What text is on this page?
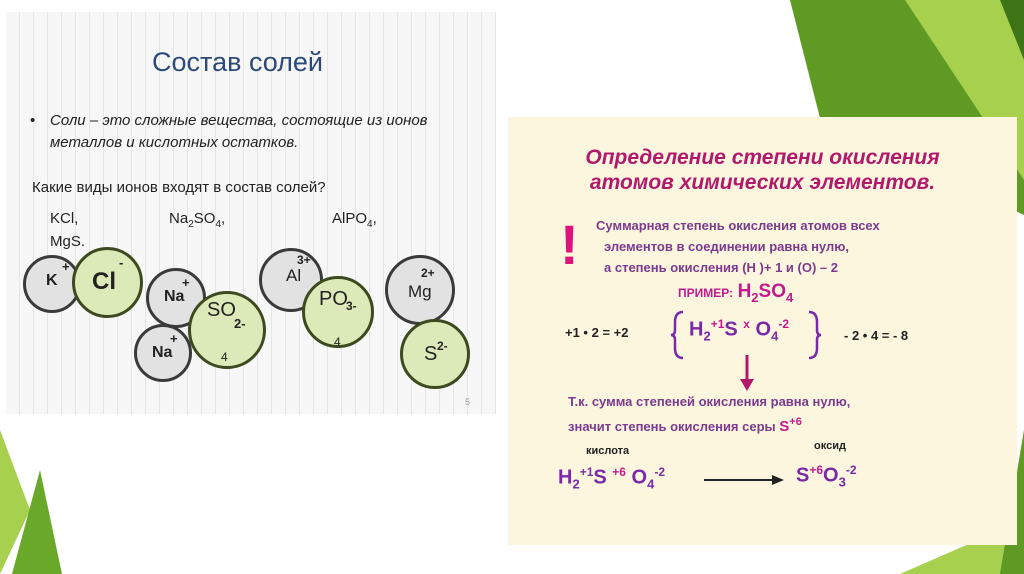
Состав солей
• Соли – это сложные вещества, состоящие из ионов металлов и кислотных остатков.
Какие виды ионов входят в состав солей?
KCl,	$Na_2SO_4$,	AlPO$_4$,
MgS.
K
+
Cl
-
Na
+
Na
+
SO
2-
4
Al
3+
PO
3-
4
Mg
2+
S 2-
5
Определение степени окисления
атомов химических элементов.
! Суммарная степень окисления атомов всех
элементов в соединении равна нулю,
а степень окисления (Н )+ 1 и (О) – 2
ПРИМЕР: $H_2SO_4$
+1 • 2 = +2	$H_2^{+1}S$ $^x$ $O_4^{-2}$
- 2 • 4 = - 8
Т.к. сумма степеней окисления равна нулю,
значит степень окисления серы $S^{+6}$
кислота	оксид
$H_2^{+1}S$ $^{+6}$ $O_4^{-2}$	$S^{+6}O_3^{-2}$
